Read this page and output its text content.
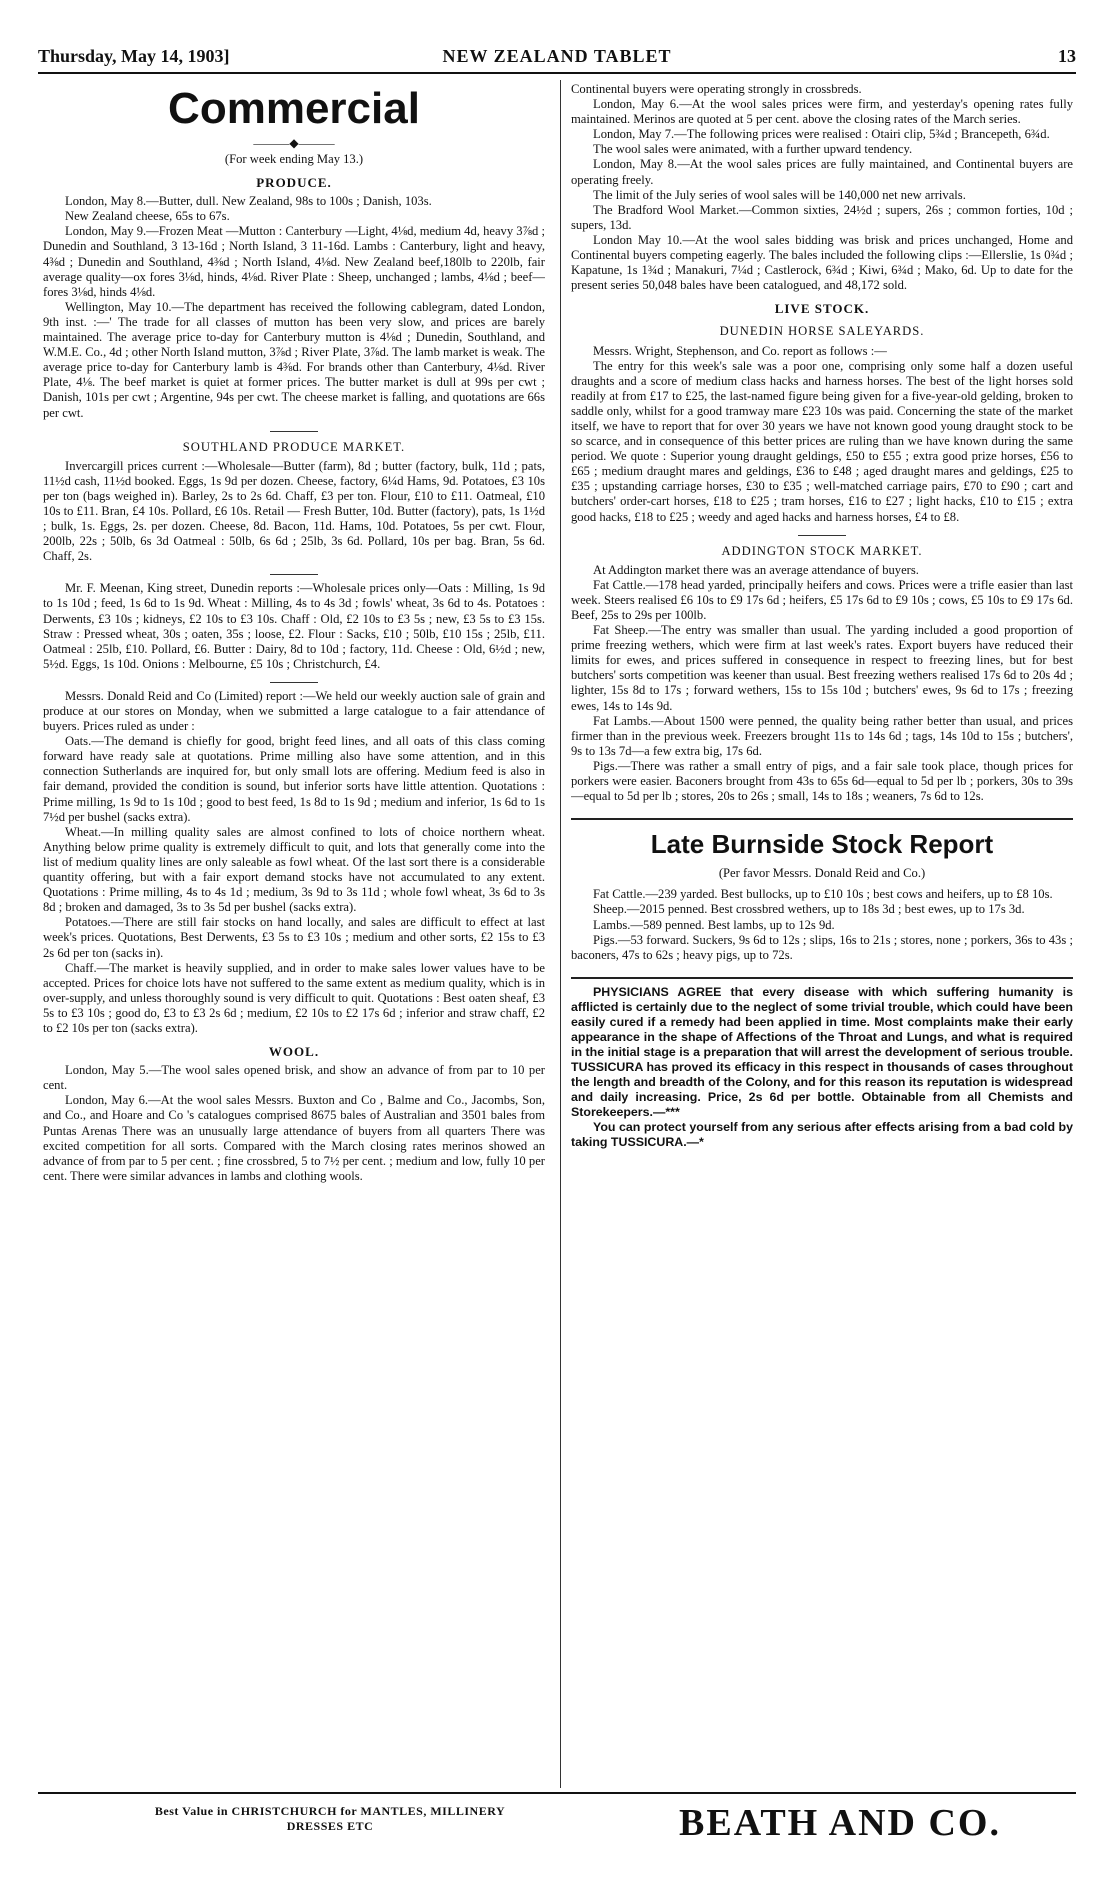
Thursday, May 14, 1903]	NEW ZEALAND TABLET	13
Commercial
———◆———

(For week ending May 13.)

PRODUCE.

London, May 8.—Butter, dull. New Zealand, 98s to 100s ; Danish, 103s.

New Zealand cheese, 65s to 67s.

London, May 9.—Frozen Meat —Mutton : Canterbury —Light, 4⅛d, medium 4d, heavy 3⅞d ; Dunedin and Southland, 3 13-16d ; North Island, 3 11-16d. Lambs : Canterbury, light and heavy, 4⅜d ; Dunedin and Southland, 4⅜d ; North Island, 4⅛d. New Zealand beef,180lb to 220lb, fair average quality—ox fores 3⅛d, hinds, 4⅛d. River Plate : Sheep, unchanged ; lambs, 4⅛d ; beef—fores 3⅛d, hinds 4⅛d.

Wellington, May 10.—The department has received the following cablegram, dated London, 9th inst. :—' The trade for all classes of mutton has been very slow, and prices are barely maintained. The average price to-day for Canterbury mutton is 4⅛d ; Dunedin, Southland, and W.M.E. Co., 4d ; other North Island mutton, 3⅞d ; River Plate, 3⅞d. The lamb market is weak. The average price to-day for Canterbury lamb is 4⅜d. For brands other than Canterbury, 4⅛d. River Plate, 4⅛. The beef market is quiet at former prices. The butter market is dull at 99s per cwt ; Danish, 101s per cwt ; Argentine, 94s per cwt. The cheese market is falling, and quotations are 66s per cwt.

SOUTHLAND PRODUCE MARKET.

Invercargill prices current :—Wholesale—Butter (farm), 8d ; butter (factory, bulk, 11d ; pats, 11½d cash, 11½d booked. Eggs, 1s 9d per dozen. Cheese, factory, 6¼d Hams, 9d. Potatoes, £3 10s per ton (bags weighed in). Barley, 2s to 2s 6d. Chaff, £3 per ton. Flour, £10 to £11. Oatmeal, £10 10s to £11. Bran, £4 10s. Pollard, £6 10s. Retail — Fresh Butter, 10d. Butter (factory), pats, 1s 1½d ; bulk, 1s. Eggs, 2s. per dozen. Cheese, 8d. Bacon, 11d. Hams, 10d. Potatoes, 5s per cwt. Flour, 200lb, 22s ; 50lb, 6s 3d Oatmeal : 50lb, 6s 6d ; 25lb, 3s 6d. Pollard, 10s per bag. Bran, 5s 6d. Chaff, 2s.

Mr. F. Meenan, King street, Dunedin reports :—Wholesale prices only—Oats : Milling, 1s 9d to 1s 10d ; feed, 1s 6d to 1s 9d. Wheat : Milling, 4s to 4s 3d ; fowls' wheat, 3s 6d to 4s. Potatoes : Derwents, £3 10s ; kidneys, £2 10s to £3 10s. Chaff : Old, £2 10s to £3 5s ; new, £3 5s to £3 15s. Straw : Pressed wheat, 30s ; oaten, 35s ; loose, £2. Flour : Sacks, £10 ; 50lb, £10 15s ; 25lb, £11. Oatmeal : 25lb, £10. Pollard, £6. Butter : Dairy, 8d to 10d ; factory, 11d. Cheese : Old, 6½d ; new, 5½d. Eggs, 1s 10d. Onions : Melbourne, £5 10s ; Christchurch, £4.

Messrs. Donald Reid and Co (Limited) report :—We held our weekly auction sale of grain and produce at our stores on Monday, when we submitted a large catalogue to a fair attendance of buyers. Prices ruled as under :

Oats.—The demand is chiefly for good, bright feed lines, and all oats of this class coming forward have ready sale at quotations. Prime milling also have some attention, and in this connection Sutherlands are inquired for, but only small lots are offering. Medium feed is also in fair demand, provided the condition is sound, but inferior sorts have little attention. Quotations : Prime milling, 1s 9d to 1s 10d ; good to best feed, 1s 8d to 1s 9d ; medium and inferior, 1s 6d to 1s 7½d per bushel (sacks extra).

Wheat.—In milling quality sales are almost confined to lots of choice northern wheat. Anything below prime quality is extremely difficult to quit, and lots that generally come into the list of medium quality lines are only saleable as fowl wheat. Of the last sort there is a considerable quantity offering, but with a fair export demand stocks have not accumulated to any extent. Quotations : Prime milling, 4s to 4s 1d ; medium, 3s 9d to 3s 11d ; whole fowl wheat, 3s 6d to 3s 8d ; broken and damaged, 3s to 3s 5d per bushel (sacks extra).

Potatoes.—There are still fair stocks on hand locally, and sales are difficult to effect at last week's prices. Quotations, Best Derwents, £3 5s to £3 10s ; medium and other sorts, £2 15s to £3 2s 6d per ton (sacks in).

Chaff.—The market is heavily supplied, and in order to make sales lower values have to be accepted. Prices for choice lots have not suffered to the same extent as medium quality, which is in over-supply, and unless thoroughly sound is very difficult to quit. Quotations : Best oaten sheaf, £3 5s to £3 10s ; good do, £3 to £3 2s 6d ; medium, £2 10s to £2 17s 6d ; inferior and straw chaff, £2 to £2 10s per ton (sacks extra).

WOOL.

London, May 5.—The wool sales opened brisk, and show an advance of from par to 10 per cent.

London, May 6.—At the wool sales Messrs. Buxton and Co , Balme and Co., Jacombs, Son, and Co., and Hoare and Co 's catalogues comprised 8675 bales of Australian and 3501 bales from Puntas Arenas There was an unusually large attendance of buyers from all quarters There was excited competition for all sorts. Compared with the March closing rates merinos showed an advance of from par to 5 per cent. ; fine crossbred, 5 to 7½ per cent. ; medium and low, fully 10 per cent. There were similar advances in lambs and clothing wools.

Continental buyers were operating strongly in crossbreds.

London, May 6.—At the wool sales prices were firm, and yesterday's opening rates fully maintained. Merinos are quoted at 5 per cent. above the closing rates of the March series.

London, May 7.—The following prices were realised : Otairi clip, 5¾d ; Brancepeth, 6¾d.

The wool sales were animated, with a further upward tendency.

London, May 8.—At the wool sales prices are fully maintained, and Continental buyers are operating freely.

The limit of the July series of wool sales will be 140,000 net new arrivals.

The Bradford Wool Market.—Common sixties, 24½d ; supers, 26s ; common forties, 10d ; supers, 13d.

London May 10.—At the wool sales bidding was brisk and prices unchanged, Home and Continental buyers competing eagerly. The bales included the following clips :—Ellerslie, 1s 0¾d ; Kapatune, 1s 1¾d ; Manakuri, 7¼d ; Castlerock, 6¾d ; Kiwi, 6¾d ; Mako, 6d. Up to date for the present series 50,048 bales have been catalogued, and 48,172 sold.

LIVE STOCK.

DUNEDIN HORSE SALEYARDS.

Messrs. Wright, Stephenson, and Co. report as follows :—

The entry for this week's sale was a poor one, comprising only some half a dozen useful draughts and a score of medium class hacks and harness horses. The best of the light horses sold readily at from £17 to £25, the last-named figure being given for a five-year-old gelding, broken to saddle only, whilst for a good tramway mare £23 10s was paid. Concerning the state of the market itself, we have to report that for over 30 years we have not known good young draught stock to be so scarce, and in consequence of this better prices are ruling than we have known during the same period. We quote : Superior young draught geldings, £50 to £55 ; extra good prize horses, £56 to £65 ; medium draught mares and geldings, £36 to £48 ; aged draught mares and geldings, £25 to £35 ; upstanding carriage horses, £30 to £35 ; well-matched carriage pairs, £70 to £90 ; cart and butchers' order-cart horses, £18 to £25 ; tram horses, £16 to £27 ; light hacks, £10 to £15 ; extra good hacks, £18 to £25 ; weedy and aged hacks and harness horses, £4 to £8.

ADDINGTON STOCK MARKET.

At Addington market there was an average attendance of buyers.

Fat Cattle.—178 head yarded, principally heifers and cows. Prices were a trifle easier than last week. Steers realised £6 10s to £9 17s 6d ; heifers, £5 17s 6d to £9 10s ; cows, £5 10s to £9 17s 6d. Beef, 25s to 29s per 100lb.

Fat Sheep.—The entry was smaller than usual. The yarding included a good proportion of prime freezing wethers, which were firm at last week's rates. Export buyers have reduced their limits for ewes, and prices suffered in consequence in respect to freezing lines, but for best butchers' sorts competition was keener than usual. Best freezing wethers realised 17s 6d to 20s 4d ; lighter, 15s 8d to 17s ; forward wethers, 15s to 15s 10d ; butchers' ewes, 9s 6d to 17s ; freezing ewes, 14s to 14s 9d.

Fat Lambs.—About 1500 were penned, the quality being rather better than usual, and prices firmer than in the previous week. Freezers brought 11s to 14s 6d ; tags, 14s 10d to 15s ; butchers', 9s to 13s 7d—a few extra big, 17s 6d.

Pigs.—There was rather a small entry of pigs, and a fair sale took place, though prices for porkers were easier. Baconers brought from 43s to 65s 6d—equal to 5d per lb ; porkers, 30s to 39s—equal to 5d per lb ; stores, 20s to 26s ; small, 14s to 18s ; weaners, 7s 6d to 12s.

Late Burnside Stock Report

(Per favor Messrs. Donald Reid and Co.)

Fat Cattle.—239 yarded. Best bullocks, up to £10 10s ; best cows and heifers, up to £8 10s.

Sheep.—2015 penned. Best crossbred wethers, up to 18s 3d ; best ewes, up to 17s 3d.

Lambs.—589 penned. Best lambs, up to 12s 9d.

Pigs.—53 forward. Suckers, 9s 6d to 12s ; slips, 16s to 21s ; stores, none ; porkers, 36s to 43s ; baconers, 47s to 62s ; heavy pigs, up to 72s.

PHYSICIANS AGREE that every disease with which suffering humanity is afflicted is certainly due to the neglect of some trivial trouble, which could have been easily cured if a remedy had been applied in time. Most complaints make their early appearance in the shape of Affections of the Throat and Lungs, and what is required in the initial stage is a preparation that will arrest the development of serious trouble. TUSSICURA has proved its efficacy in this respect in thousands of cases throughout the length and breadth of the Colony, and for this reason its reputation is widespread and daily increasing. Price, 2s 6d per bottle. Obtainable from all Chemists and Storekeepers.—***

You can protect yourself from any serious after effects arising from a bad cold by taking TUSSICURA.—*

Best Value in CHRISTCHURCH for MANTLES, MILLINERY
DRESSES ETC	BEATH AND CO.
